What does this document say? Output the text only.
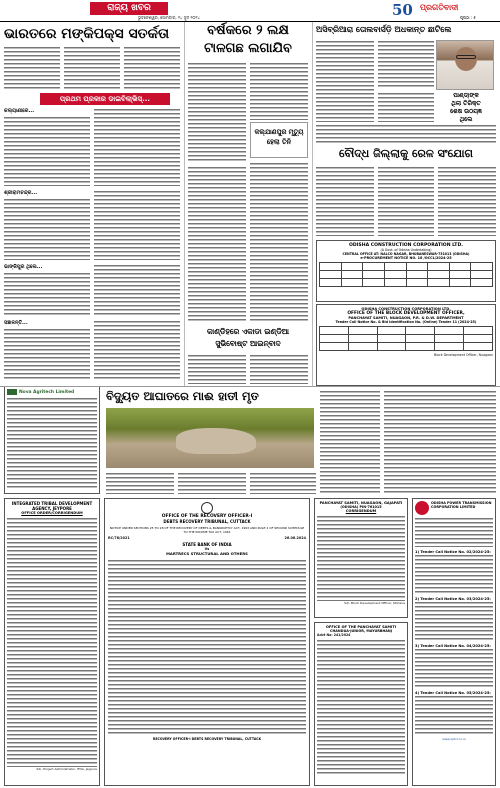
ରାଜ୍ୟ ଖବର
ଭୁବନେଶ୍ୱର, ସୋମବାର, ୨୪ ଜୁନ ୨୦୨୪	50 ପ୍ରଗତିବାଦୀ
ପୃଷ୍ଠା : ୫
ଭାରତରେ ମଙ୍କିପକ୍ସ ସତର୍କତା
ପ୍ରଥମ ପ୍ରକାର ଡାଇବିଲା୍ଭିସ୍...
କଲ୍ୟାଣୀରେ...
ଶ୍ରୀରାମଚନ୍ଦ୍ର...
ଭାଙ୍କିପୁର ଥିଲେ...
ସଞ୍ଚାଳନ୍ତି...
ବର୍ଷକରେ ୨ ଲକ୍ଷ
ଟାଳଗଛ ଲଗାଯିବ
କଲ୍ଯାଣପୁର ମୃତ୍ୟୁ
ହେଲା ତିନି
କାଣ୍ଡିହରେ ଏକାଡା ଇଣ୍ଡିଆ
ସୁଭିବୋଷ୍ଟ ଆଇନ୍ବାଦ
ଅସିବ୍ରିଆରା ତୋଲବାର୍ସଡ଼ି ଅଧକାନ୍ତ ଛାଟିଲେ
ପାଣ୍ଡା୍ଙ୍କ
ଥିଲା ତିରିକ୍ତ
ଶେଷ ଉଠୟଜ୍ଞ
ଥିଲେ
ବୌଦ୍ଧ ଜିଲ୍ଲାକୁ ରେଳ ସଂଯୋଗ
ODISHA CONSTRUCTION CORPORATION LTD.
(A Govt. of Odisha Undertaking)
CENTRAL OFFICE AT: NALCO NAGAR, BHUBANESWAR-751013 (ODISHA)
e-PROCUREMENT NOTICE NO. 16 /OCCL/2024-25

ODISHA CONSTRUCTION CORPORATION LTD.
OFFICE OF THE BLOCK DEVELOPMENT OFFICER,
PANCHAYAT SAMITI, NUAGAON, P.R. & D.W. DEPARTMENT
Tender Call Notice No. & Bid Identification No. (Online) Tender 11 (2024-25)

Block Development Officer, Nuagaon
Nova Agritech Limited	ବିଦ୍ୟୁତ ଆଘାତରେ ମାଈ ହାତୀ ମୃତ
INTEGRATED TRIBAL DEVELOPMENT
AGENCY, JEYPORE
OFFICE ORDER/CORRIGENDUM
Sd/- Project Administrator, ITDA, Jeypore
OFFICE OF THE RECOVERY OFFICER-I
DEBTS RECOVERY TRIBUNAL, CUTTACK
NOTICE UNDER SECTIONS 25 TO 28 OF THE RECOVERY OF DEBTS & BANKRUPTCY ACT, 1993 AND RULE 2 OF SECOND SCHEDULE TO THE INCOME TAX ACT, 1961
RC/78/2021	26.06.2024
STATE BANK OF INDIA
Vs
MARTRECS STRUCTURAL AND OTHERS
RECOVERY OFFICER-I DEBTS RECOVERY TRIBUNAL, CUTTACK
PANCHAYAT SAMITI, NUAGAON, GAJAPATI
(ODISHA) PIN-761015
CORRIGENDUM
Sd/- Block Development Officer, Mohana
OFFICE OF THE PANCHAYAT SAMITI
CHANDUA-JUNIOR, MAYURBHANJ
Advt No: 241/2024
ODISHA POWER TRANSMISSION CORPORATION LIMITED
1) Tender Call Notice No. 02/2024-25:
2) Tender Call Notice No. 03/2024-25:
3) Tender Call Notice No. 04/2024-25:
4) Tender Call Notice No. 05/2024-25:
www.optcl.co.in
